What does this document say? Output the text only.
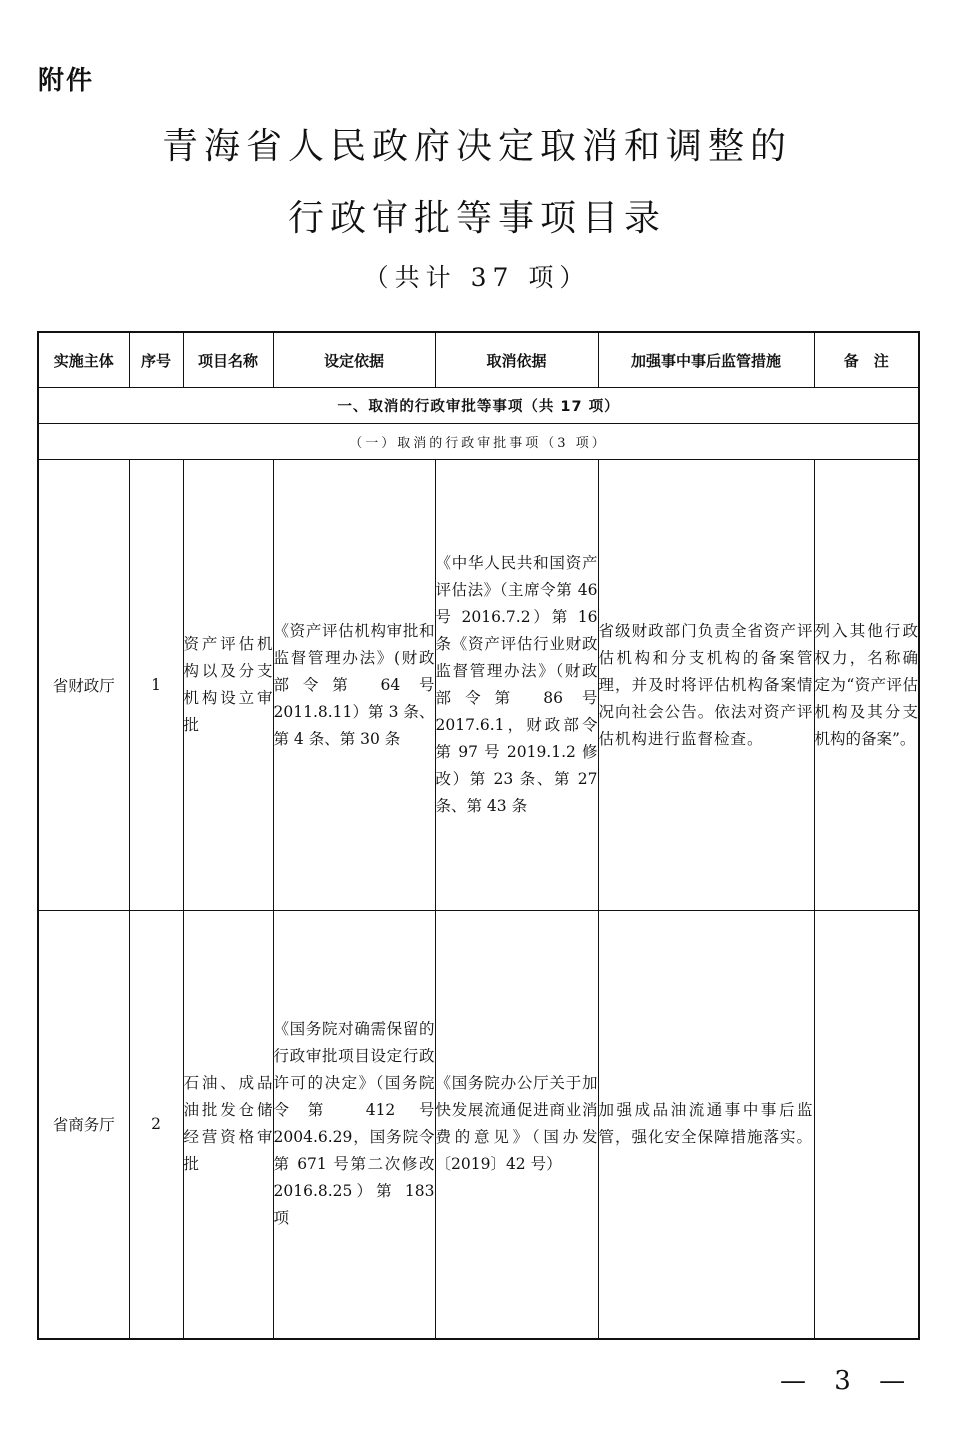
附件
青海省人民政府决定取消和调整的
行政审批等事项目录
（共计 37 项）
实施主体	序号	项目名称	设定依据	取消依据	加强事中事后监管措施	备　注
一、取消的行政审批等事项（共 17 项）						
（一）取消的行政审批事项（3 项）						
省财政厅	1	资产评估机构以及分支机构设立审批	《资产评估机构审批和监督管理办法》(财政部令第 64 号 2011.8.11）第 3 条、第 4 条、第 30 条	《中华人民共和国资产评估法》（主席令第 46 号 2016.7.2）第 16 条《资产评估行业财政监督管理办法》（财政部令第 86 号 2017.6.1，财政部令第 97 号 2019.1.2 修改）第 23 条、第 27 条、第 43 条	省级财政部门负责全省资产评估机构和分支机构的备案管理，并及时将评估机构备案情况向社会公告。依法对资产评估机构进行监督检查。	列入其他行政权力，名称确定为“资产评估机构及其分支机构的备案”。
省商务厅	2	石油、成品油批发仓储经营资格审批	《国务院对确需保留的行政审批项目设定行政许可的决定》（国务院令第 412 号 2004.6.29，国务院令第 671 号第二次修改 2016.8.25）第 183 项	《国务院办公厅关于加快发展流通促进商业消费的意见》（国办发〔2019〕42 号）	加强成品油流通事中事后监管，强化安全保障措施落实。	
— 3 —
